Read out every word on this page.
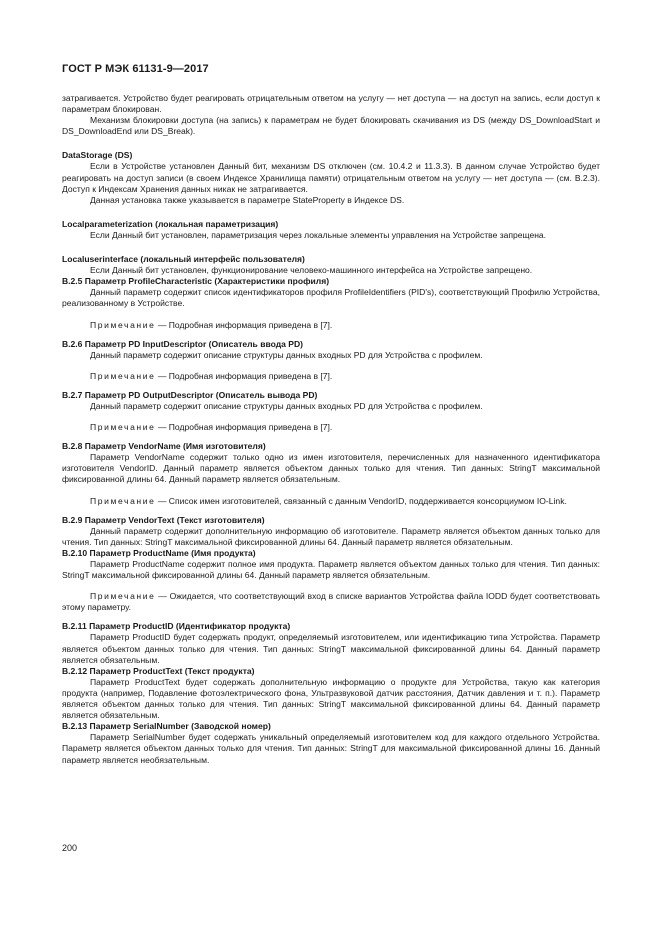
ГОСТ Р МЭК 61131-9—2017

затрагивается. Устройство будет реагировать отрицательным ответом на услугу — нет доступа — на доступ на запись, если доступ к параметрам блокирован.

Механизм блокировки доступа (на запись) к параметрам не будет блокировать скачивания из DS (между DS_DownloadStart и DS_DownloadEnd или DS_Break).

DataStorage (DS)

Если в Устройстве установлен Данный бит, механизм DS отключен (см. 10.4.2 и 11.3.3). В данном случае Устройство будет реагировать на доступ записи (в своем Индексе Хранилища памяти) отрицательным ответом на услугу — нет доступа — (см. B.2.3). Доступ к Индексам Хранения данных никак не затрагивается.

Данная установка также указывается в параметре StateProperty в Индексе DS.

Localparameterization (локальная параметризация)

Если Данный бит установлен, параметризация через локальные элементы управления на Устройстве запрещена.

Localuserinterface (локальный интерфейс пользователя)

Если Данный бит установлен, функционирование человеко-машинного интерфейса на Устройстве запрещено.

B.2.5 Параметр ProfileCharacteristic (Характеристики профиля)

Данный параметр содержит список идентификаторов профиля ProfileIdentifiers (PID's), соответствующий Профилю Устройства, реализованному в Устройстве.

Примечание — Подробная информация приведена в [7].

B.2.6 Параметр PD InputDescriptor (Описатель ввода PD)

Данный параметр содержит описание структуры данных входных PD для Устройства с профилем.

Примечание — Подробная информация приведена в [7].

B.2.7 Параметр PD OutputDescriptor (Описатель вывода PD)

Данный параметр содержит описание структуры данных входных PD для Устройства с профилем.

Примечание — Подробная информация приведена в [7].

B.2.8 Параметр VendorName (Имя изготовителя)

Параметр VendorName содержит только одно из имен изготовителя, перечисленных для назначенного идентификатора изготовителя VendorID. Данный параметр является объектом данных только для чтения. Тип данных: StringT максимальной фиксированной длины 64. Данный параметр является обязательным.

Примечание — Список имен изготовителей, связанный с данным VendorID, поддерживается консорциумом IO-Link.

B.2.9 Параметр VendorText (Текст изготовителя)

Данный параметр содержит дополнительную информацию об изготовителе. Параметр является объектом данных только для чтения. Тип данных: StringT максимальной фиксированной длины 64. Данный параметр является обязательным.

B.2.10 Параметр ProductName (Имя продукта)

Параметр ProductName содержит полное имя продукта. Параметр является объектом данных только для чтения. Тип данных: StringT максимальной фиксированной длины 64. Данный параметр является обязательным.

Примечание — Ожидается, что соответствующий вход в списке вариантов Устройства файла IODD будет соответствовать этому параметру.

B.2.11 Параметр ProductID (Идентификатор продукта)

Параметр ProductID будет содержать продукт, определяемый изготовителем, или идентификацию типа Устройства. Параметр является объектом данных только для чтения. Тип данных: StringT максимальной фиксированной длины 64. Данный параметр является обязательным.

B.2.12 Параметр ProductText (Текст продукта)

Параметр ProductText будет содержать дополнительную информацию о продукте для Устройства, такую как категория продукта (например, Подавление фотоэлектрического фона, Ультразвуковой датчик расстояния, Датчик давления и т. п.). Параметр является объектом данных только для чтения. Тип данных: StringT максимальной фиксированной длины 64. Данный параметр является обязательным.

B.2.13 Параметр SerialNumber (Заводской номер)

Параметр SerialNumber будет содержать уникальный определяемый изготовителем код для каждого отдельного Устройства. Параметр является объектом данных только для чтения. Тип данных: StringT для максимальной фиксированной длины 16. Данный параметр является необязательным.

200
